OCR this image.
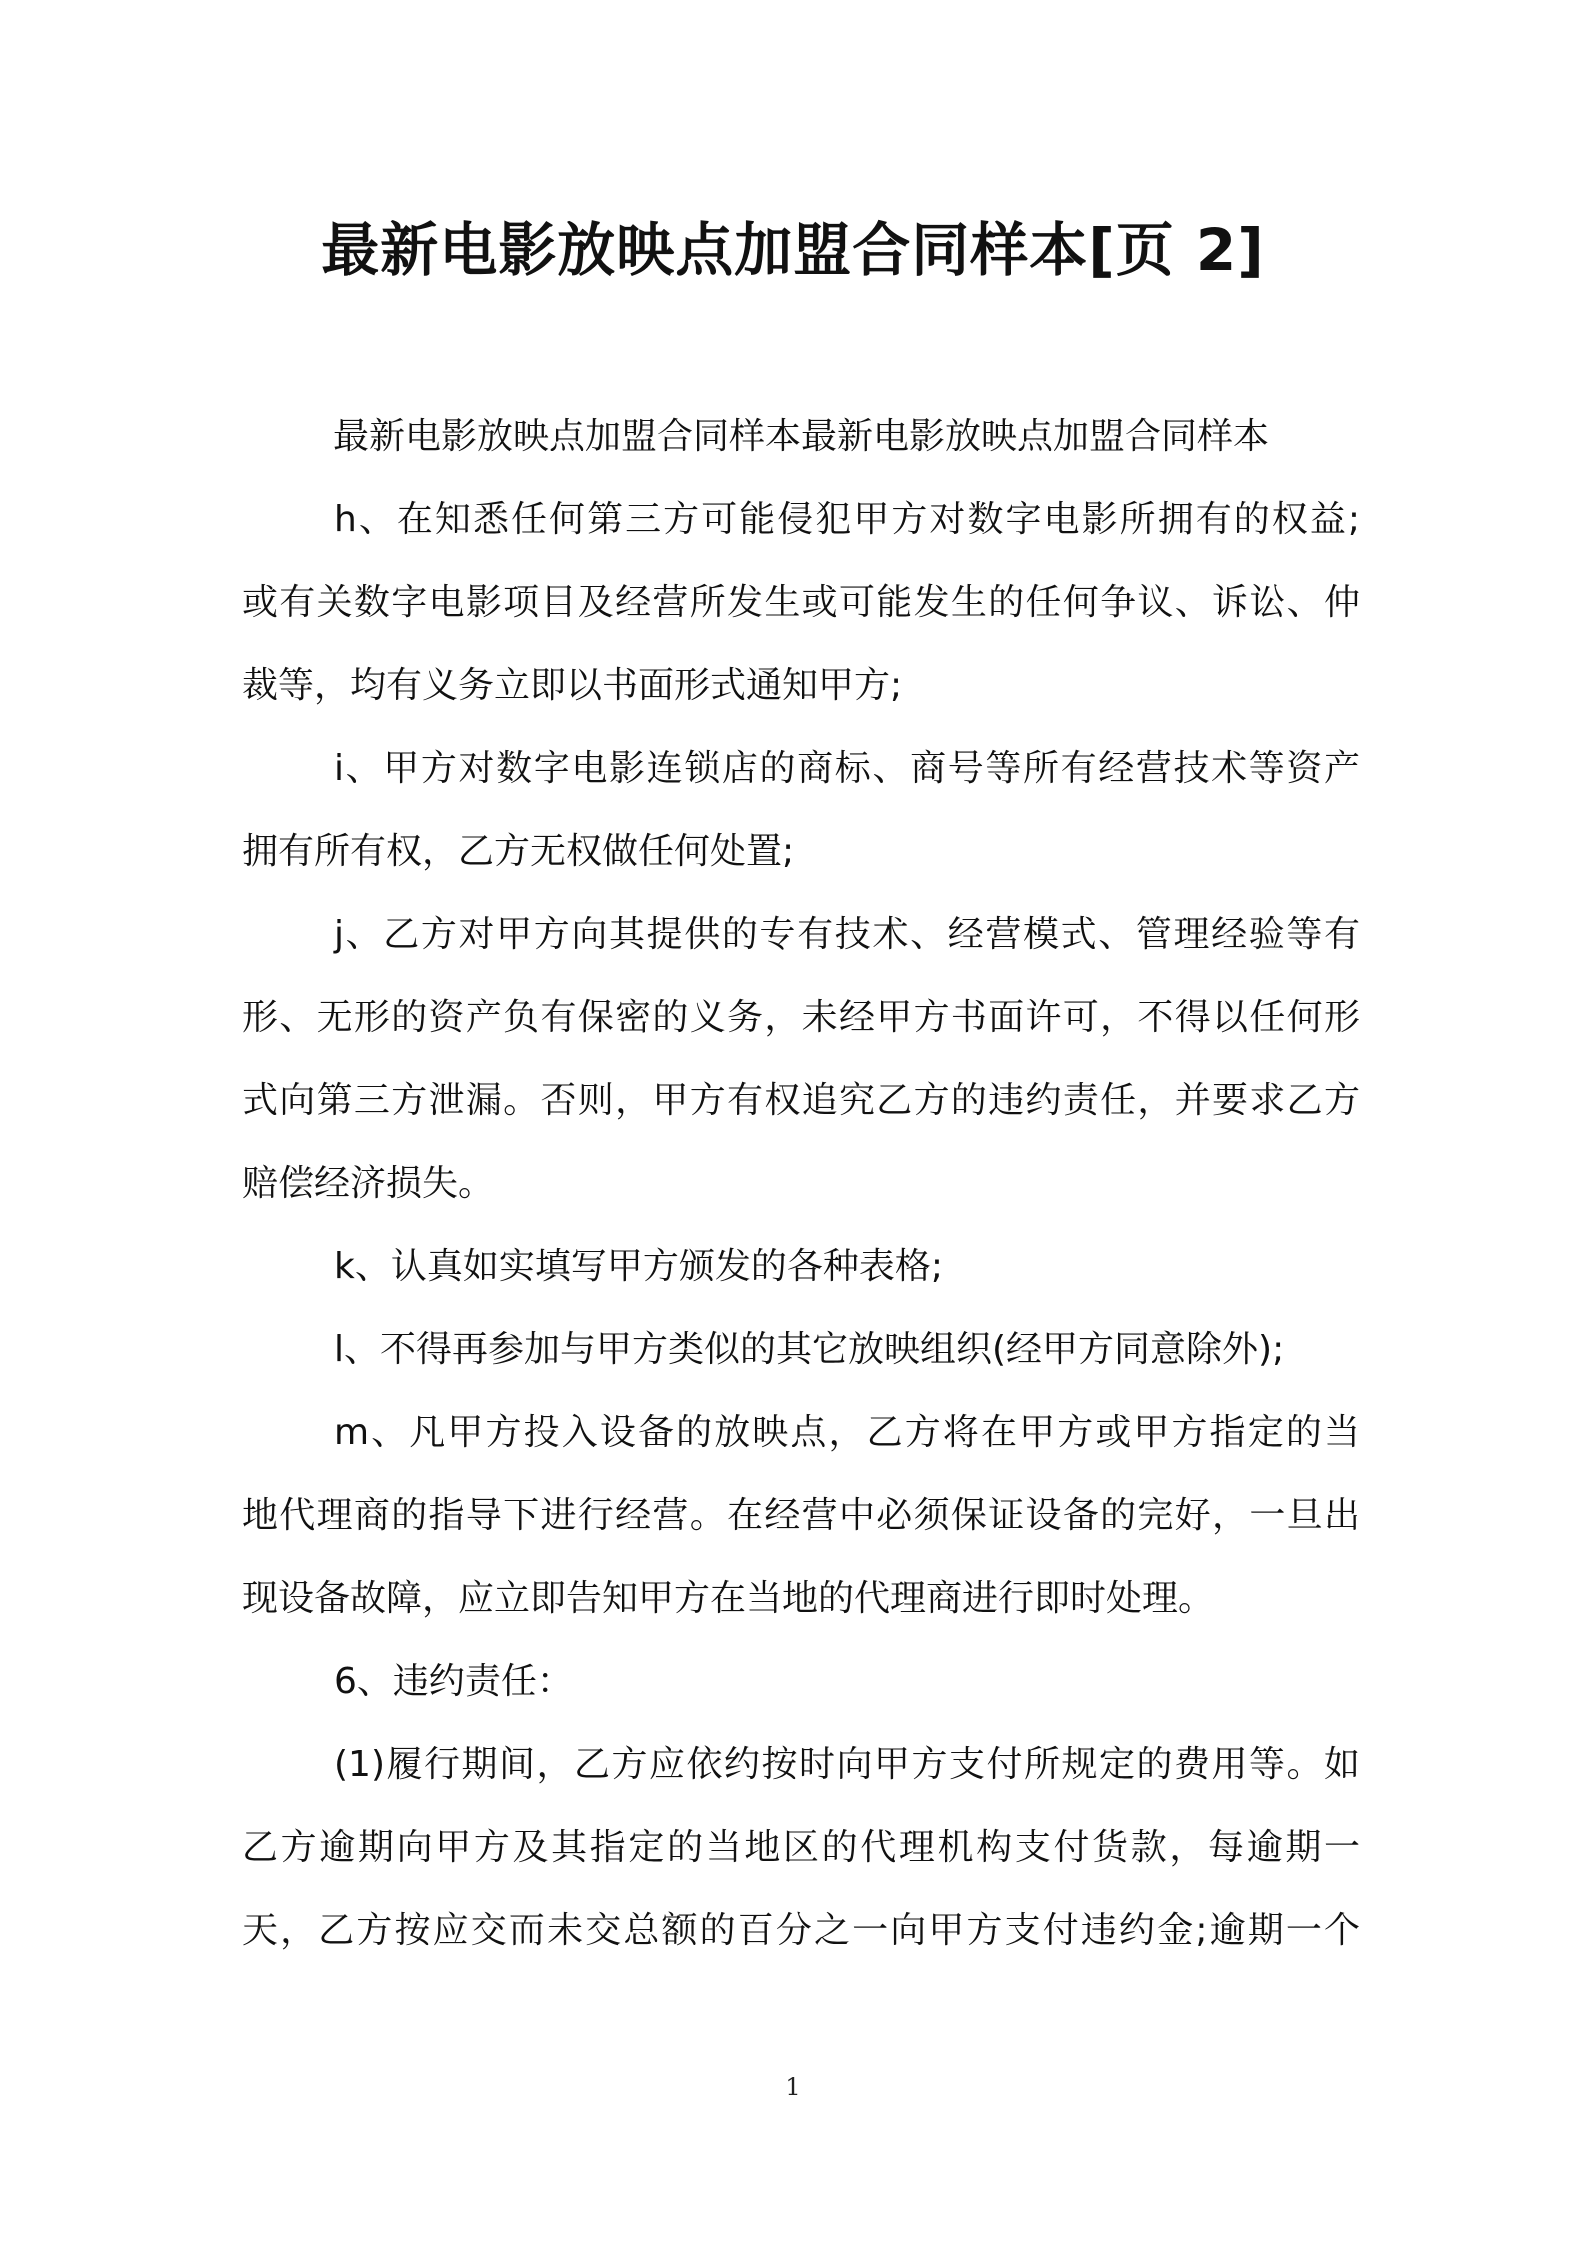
最新电影放映点加盟合同样本[页 2]
最新电影放映点加盟合同样本最新电影放映点加盟合同样本
h、在知悉任何第三方可能侵犯甲方对数字电影所拥有的权益;
或有关数字电影项目及经营所发生或可能发生的任何争议、诉讼、仲
裁等，均有义务立即以书面形式通知甲方;
i、甲方对数字电影连锁店的商标、商号等所有经营技术等资产
拥有所有权，乙方无权做任何处置;
j、乙方对甲方向其提供的专有技术、经营模式、管理经验等有
形、无形的资产负有保密的义务，未经甲方书面许可，不得以任何形
式向第三方泄漏。否则，甲方有权追究乙方的违约责任，并要求乙方
赔偿经济损失。
k、认真如实填写甲方颁发的各种表格;
l、不得再参加与甲方类似的其它放映组织(经甲方同意除外);
m、凡甲方投入设备的放映点，乙方将在甲方或甲方指定的当
地代理商的指导下进行经营。在经营中必须保证设备的完好，一旦出
现设备故障，应立即告知甲方在当地的代理商进行即时处理。
6、违约责任：
(1)履行期间，乙方应依约按时向甲方支付所规定的费用等。如
乙方逾期向甲方及其指定的当地区的代理机构支付货款，每逾期一
天，乙方按应交而未交总额的百分之一向甲方支付违约金;逾期一个
1
